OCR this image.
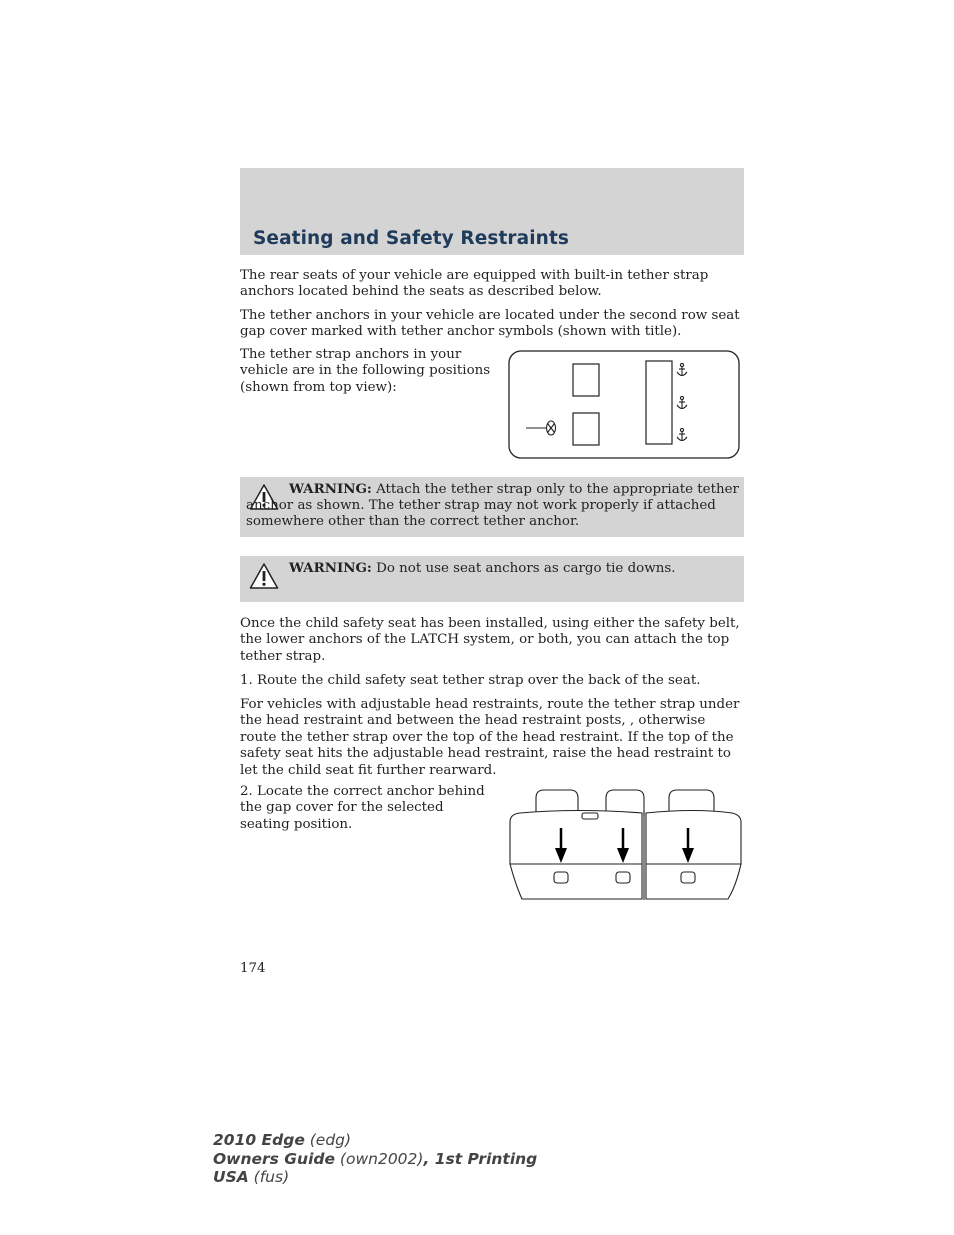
Seating and Safety Restraints

The rear seats of your vehicle are equipped with built-in tether strap anchors located behind the seats as described below.

The tether anchors in your vehicle are located under the second row seat gap cover marked with tether anchor symbols (shown with title).

The tether strap anchors in your vehicle are in the following positions (shown from top view):

WARNING: Attach the tether strap only to the appropriate tether anchor as shown. The tether strap may not work properly if attached somewhere other than the correct tether anchor.

WARNING: Do not use seat anchors as cargo tie downs.

Once the child safety seat has been installed, using either the safety belt, the lower anchors of the LATCH system, or both, you can attach the top tether strap.

1. Route the child safety seat tether strap over the back of the seat.

For vehicles with adjustable head restraints, route the tether strap under the head restraint and between the head restraint posts, , otherwise route the tether strap over the top of the head restraint. If the top of the safety seat hits the adjustable head restraint, raise the head restraint to let the child seat fit further rearward.

2. Locate the correct anchor behind the gap cover for the selected seating position.

174

2010 Edge (edg)
Owners Guide (own2002), 1st Printing
USA (fus)
